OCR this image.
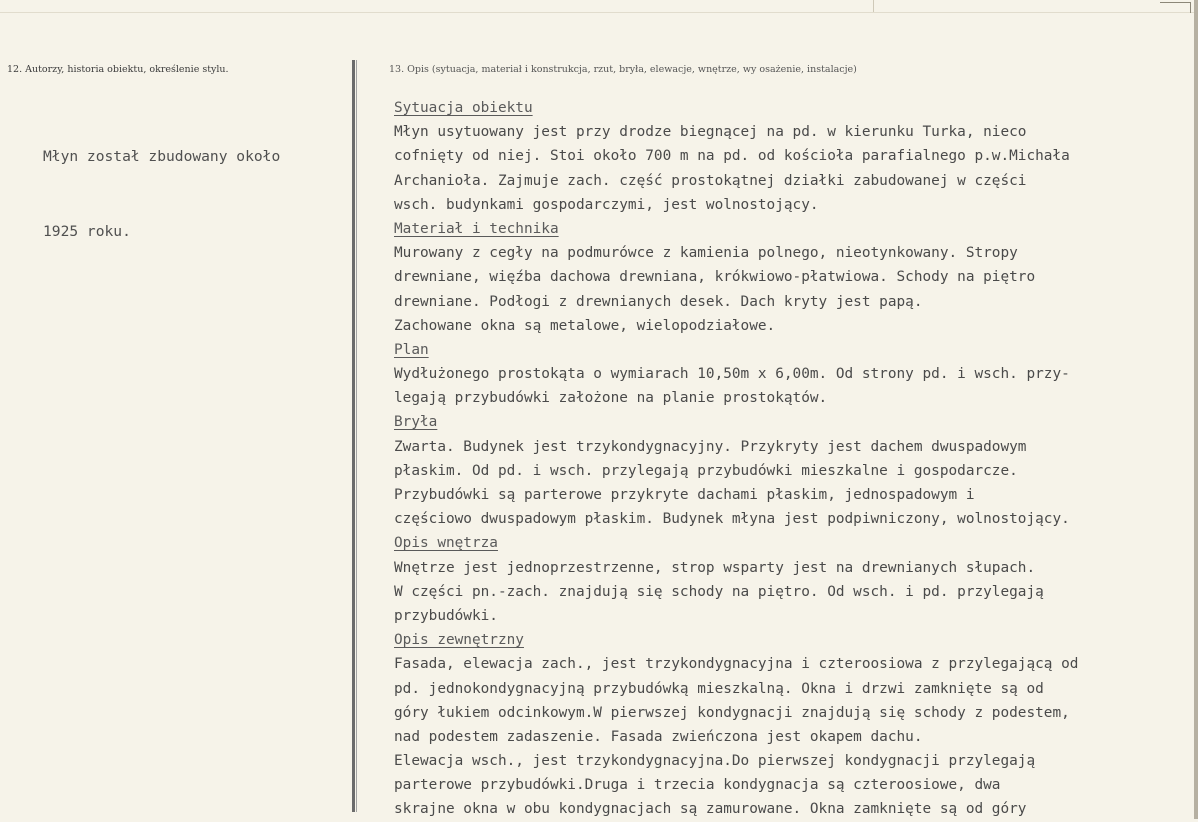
12. Autorzy, historia obiektu, określenie stylu.	13. Opis (sytuacja, materiał i konstrukcja, rzut, bryła, elewacje, wnętrze, wy osażenie, instalacje)

Młyn został zbudowany około

1925 roku.

Sytuacja obiektu
Młyn usytuowany jest przy drodze biegnącej na pd. w kierunku Turka, nieco
cofnięty od niej. Stoi około 700 m na pd. od kościoła parafialnego p.w.Michała
Archanioła. Zajmuje zach. część prostokątnej działki zabudowanej w części
wsch. budynkami gospodarczymi, jest wolnostojący.
Materiał i technika
Murowany z cegły na podmurówce z kamienia polnego, nieotynkowany. Stropy
drewniane, więźba dachowa drewniana, krókwiowo-płatwiowa. Schody na piętro
drewniane. Podłogi z drewnianych desek. Dach kryty jest papą.
Zachowane okna są metalowe, wielopodziałowe.
Plan
Wydłużonego prostokąta o wymiarach 10,50m x 6,00m. Od strony pd. i wsch. przy-
legają przybudówki założone na planie prostokątów.
Bryła
Zwarta. Budynek jest trzykondygnacyjny. Przykryty jest dachem dwuspadowym
płaskim. Od pd. i wsch. przylegają przybudówki mieszkalne i gospodarcze.
Przybudówki są parterowe przykryte dachami płaskim, jednospadowym i
częściowo dwuspadowym płaskim. Budynek młyna jest podpiwniczony, wolnostojący.
Opis wnętrza
Wnętrze jest jednoprzestrzenne, strop wsparty jest na drewnianych słupach.
W części pn.-zach. znajdują się schody na piętro. Od wsch. i pd. przylegają
przybudówki.
Opis zewnętrzny
Fasada, elewacja zach., jest trzykondygnacyjna i czteroosiowa z przylegającą od
pd. jednokondygnacyjną przybudówką mieszkalną. Okna i drzwi zamknięte są od
góry łukiem odcinkowym.W pierwszej kondygnacji znajdują się schody z podestem,
nad podestem zadaszenie. Fasada zwieńczona jest okapem dachu.
Elewacja wsch., jest trzykondygnacyjna.Do pierwszej kondygnacji przylegają
parterowe przybudówki.Druga i trzecia kondygnacja są czteroosiowe, dwa
skrajne okna w obu kondygnacjach są zamurowane. Okna zamknięte są od góry
